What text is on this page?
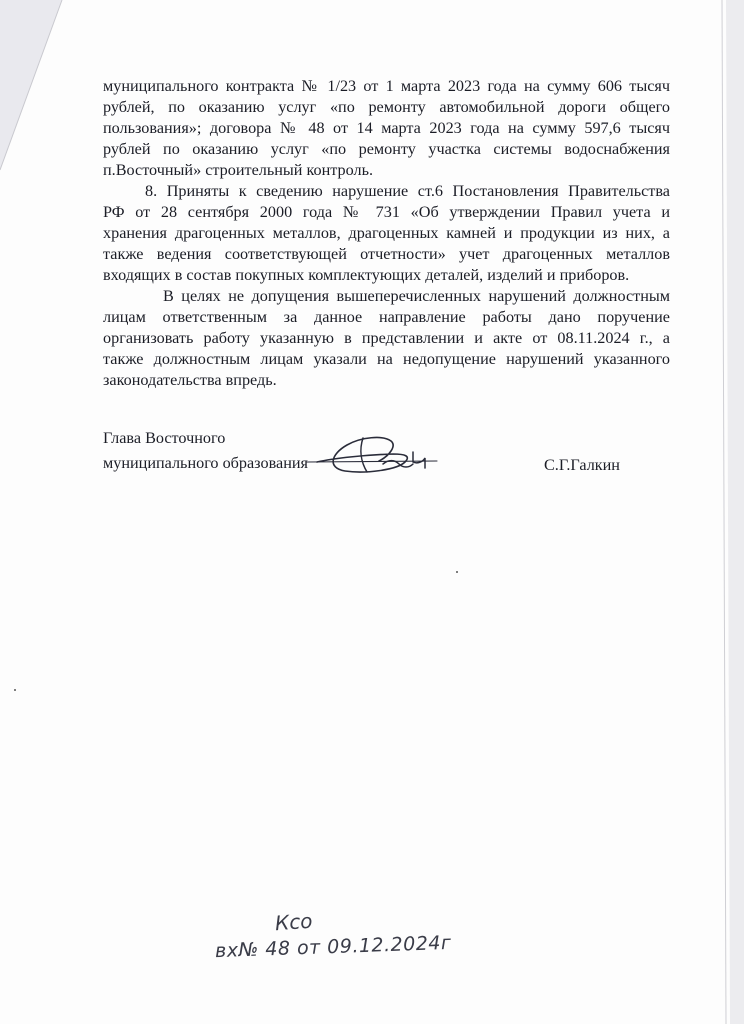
муниципального контракта № 1/23 от 1 марта 2023 года на сумму 606 тысяч
рублей, по оказанию услуг «по ремонту автомобильной дороги общего
пользования»; договора № 48 от 14 марта 2023 года на сумму 597,6 тысяч
рублей по оказанию услуг «по ремонту участка системы водоснабжения
п.Восточный» строительный контроль.

8. Приняты к сведению нарушение ст.6 Постановления Правительства
РФ от 28 сентября 2000 года № 731 «Об утверждении Правил учета и
хранения драгоценных металлов, драгоценных камней и продукции из них, а
также ведения соответствующей отчетности» учет драгоценных металлов
входящих в состав покупных комплектующих деталей, изделий и приборов.

В целях не допущения вышеперечисленных нарушений должностным
лицам ответственным за данное направление работы дано поручение
организовать работу указанную в представлении и акте от 08.11.2024 г., а
также должностным лицам указали на недопущение нарушений указанного
законодательства впредь.

Глава Восточного
муниципального образования	С.Г.Галкин
Ксо
вх№ 48 от 09.12.2024г
